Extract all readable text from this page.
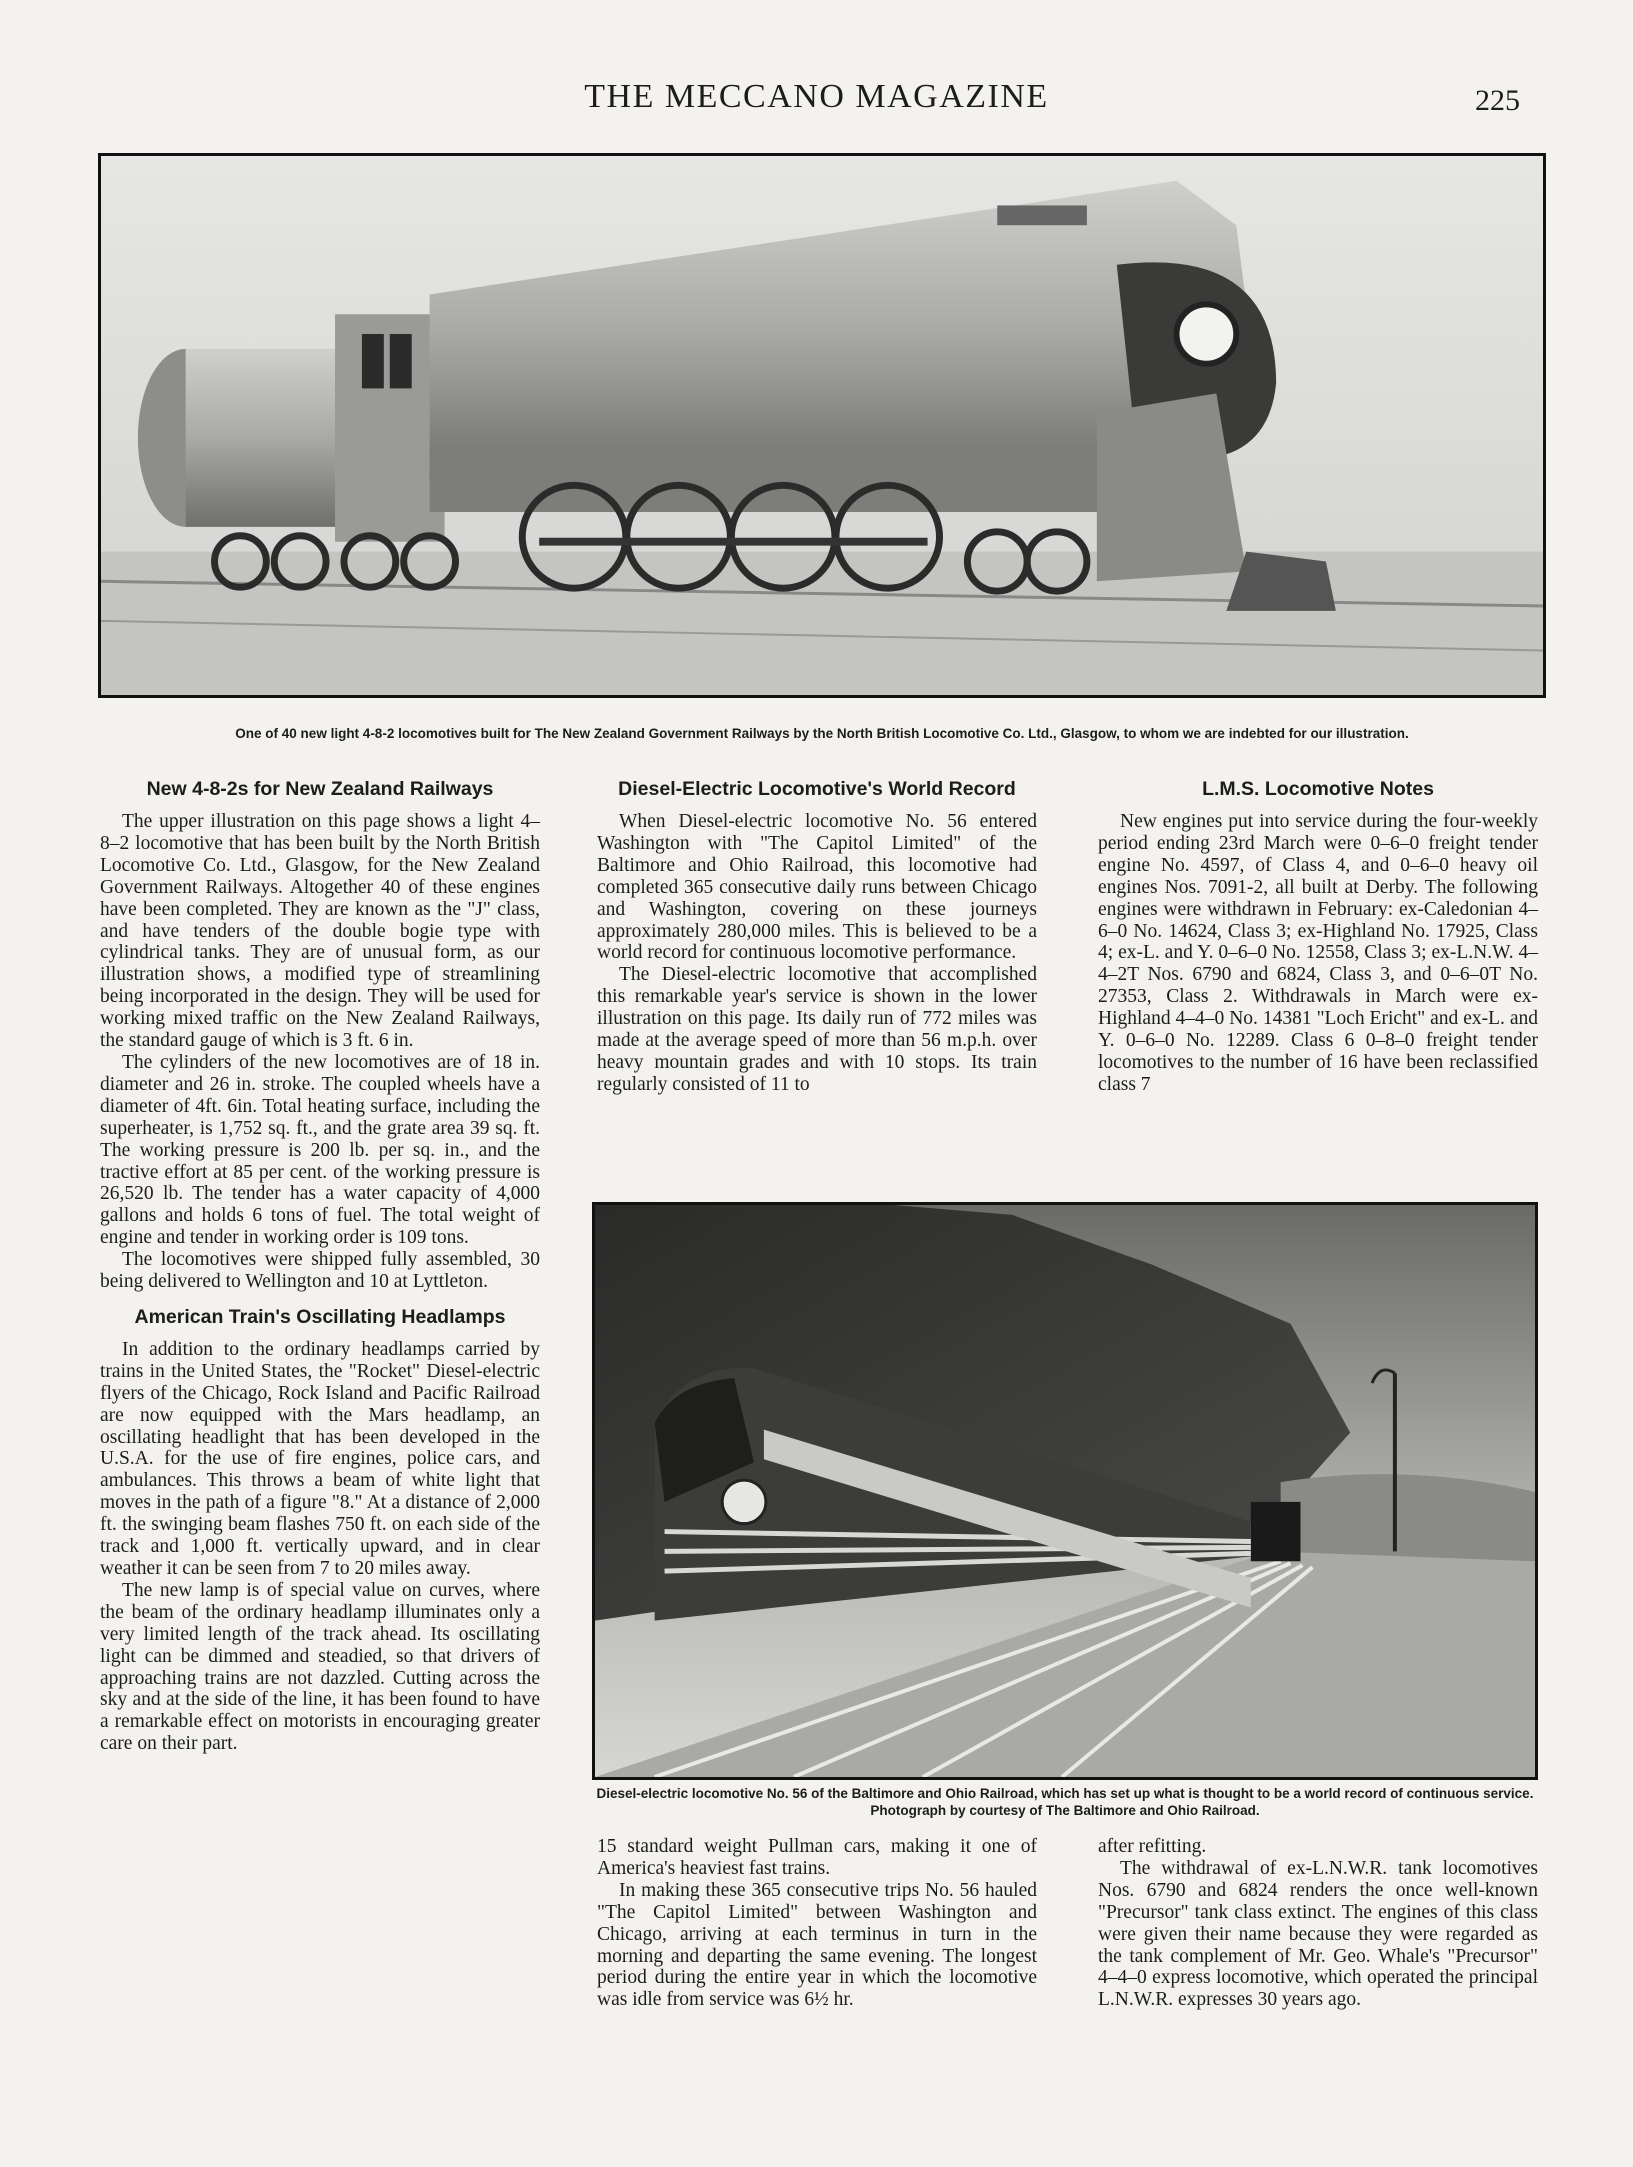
THE MECCANO MAGAZINE	225
One of 40 new light 4-8-2 locomotives built for The New Zealand Government Railways by the North British Locomotive Co. Ltd., Glasgow, to whom we are indebted for our illustration.
New 4-8-2s for New Zealand Railways

The upper illustration on this page shows a light 4–8–2 locomotive that has been built by the North British Locomotive Co. Ltd., Glasgow, for the New Zealand Government Railways. Altogether 40 of these engines have been completed. They are known as the "J" class, and have tenders of the double bogie type with cylindrical tanks. They are of unusual form, as our illustration shows, a modified type of streamlining being incorporated in the design. They will be used for working mixed traffic on the New Zealand Railways, the standard gauge of which is 3 ft. 6 in.

The cylinders of the new locomotives are of 18 in. diameter and 26 in. stroke. The coupled wheels have a diameter of 4ft. 6in. Total heating surface, including the superheater, is 1,752 sq. ft., and the grate area 39 sq. ft. The working pressure is 200 lb. per sq. in., and the tractive effort at 85 per cent. of the working pressure is 26,520 lb. The tender has a water capacity of 4,000 gallons and holds 6 tons of fuel. The total weight of engine and tender in working order is 109 tons.

The locomotives were shipped fully assembled, 30 being delivered to Wellington and 10 at Lyttleton.

American Train's Oscillating Headlamps

In addition to the ordinary headlamps carried by trains in the United States, the "Rocket" Diesel-electric flyers of the Chicago, Rock Island and Pacific Railroad are now equipped with the Mars headlamp, an oscillating headlight that has been developed in the U.S.A. for the use of fire engines, police cars, and ambulances. This throws a beam of white light that moves in the path of a figure "8." At a distance of 2,000 ft. the swinging beam flashes 750 ft. on each side of the track and 1,000 ft. vertically upward, and in clear weather it can be seen from 7 to 20 miles away.

The new lamp is of special value on curves, where the beam of the ordinary headlamp illuminates only a very limited length of the track ahead. Its oscillating light can be dimmed and steadied, so that drivers of approaching trains are not dazzled. Cutting across the sky and at the side of the line, it has been found to have a remarkable effect on motorists in encouraging greater care on their part.

Diesel-Electric Locomotive's World Record

When Diesel-electric locomotive No. 56 entered Washington with "The Capitol Limited" of the Baltimore and Ohio Railroad, this locomotive had completed 365 consecutive daily runs between Chicago and Washington, covering on these journeys approximately 280,000 miles. This is believed to be a world record for continuous locomotive performance.

The Diesel-electric locomotive that accomplished this remarkable year's service is shown in the lower illustration on this page. Its daily run of 772 miles was made at the average speed of more than 56 m.p.h. over heavy mountain grades and with 10 stops. Its train regularly consisted of 11 to

L.M.S. Locomotive Notes

New engines put into service during the four-weekly period ending 23rd March were 0–6–0 freight tender engine No. 4597, of Class 4, and 0–6–0 heavy oil engines Nos. 7091-2, all built at Derby. The following engines were withdrawn in February: ex-Caledonian 4–6–0 No. 14624, Class 3; ex-Highland No. 17925, Class 4; ex-L. and Y. 0–6–0 No. 12558, Class 3; ex-L.N.W. 4–4–2T Nos. 6790 and 6824, Class 3, and 0–6–0T No. 27353, Class 2. Withdrawals in March were ex-Highland 4–4–0 No. 14381 "Loch Ericht" and ex-L. and Y. 0–6–0 No. 12289. Class 6 0–8–0 freight tender locomotives to the number of 16 have been reclassified class 7

Diesel-electric locomotive No. 56 of the Baltimore and Ohio Railroad, which has set up what is thought to be a world record of continuous service. Photograph by courtesy of The Baltimore and Ohio Railroad.

15 standard weight Pullman cars, making it one of America's heaviest fast trains.

In making these 365 consecutive trips No. 56 hauled "The Capitol Limited" between Washington and Chicago, arriving at each terminus in turn in the morning and departing the same evening. The longest period during the entire year in which the locomotive was idle from service was 6½ hr.

after refitting.

The withdrawal of ex-L.N.W.R. tank locomotives Nos. 6790 and 6824 renders the once well-known "Precursor" tank class extinct. The engines of this class were given their name because they were regarded as the tank complement of Mr. Geo. Whale's "Precursor" 4–4–0 express locomotive, which operated the principal L.N.W.R. expresses 30 years ago.
